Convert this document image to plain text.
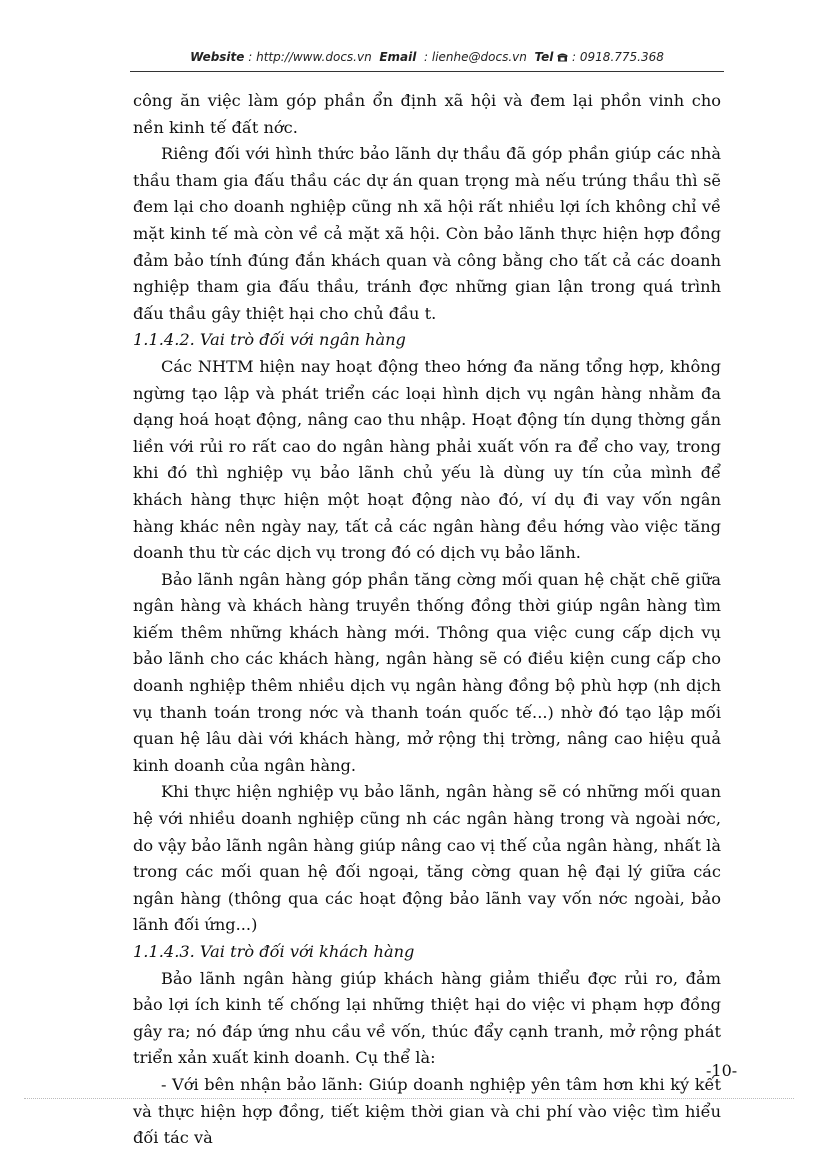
Website : http://www.docs.vn Email : lienhe@docs.vn Tel : 0918.775.368

công ăn việc làm góp phần ổn định xã hội và đem lại phồn vinh cho nền kinh tế đất nớc.

Riêng đối với hình thức bảo lãnh dự thầu đã góp phần giúp các nhà thầu tham gia đấu thầu các dự án quan trọng mà nếu trúng thầu thì sẽ đem lại cho doanh nghiệp cũng nh xã hội rất nhiều lợi ích không chỉ về mặt kinh tế mà còn về cả mặt xã hội. Còn bảo lãnh thực hiện hợp đồng đảm bảo tính đúng đắn khách quan và công bằng cho tất cả các doanh nghiệp tham gia đấu thầu, tránh đợc những gian lận trong quá trình đấu thầu gây thiệt hại cho chủ đầu t.

1.1.4.2. Vai trò đối với ngân hàng

Các NHTM hiện nay hoạt động theo hớng đa năng tổng hợp, không ngừng tạo lập và phát triển các loại hình dịch vụ ngân hàng nhằm đa dạng hoá hoạt động, nâng cao thu nhập. Hoạt động tín dụng thờng gắn liền với rủi ro rất cao do ngân hàng phải xuất vốn ra để cho vay, trong khi đó thì nghiệp vụ bảo lãnh chủ yếu là dùng uy tín của mình để khách hàng thực hiện một hoạt động nào đó, ví dụ đi vay vốn ngân hàng khác nên ngày nay, tất cả các ngân hàng đều hớng vào việc tăng doanh thu từ các dịch vụ trong đó có dịch vụ bảo lãnh.

Bảo lãnh ngân hàng góp phần tăng cờng mối quan hệ chặt chẽ giữa ngân hàng và khách hàng truyền thống đồng thời giúp ngân hàng tìm kiếm thêm những khách hàng mới. Thông qua việc cung cấp dịch vụ bảo lãnh cho các khách hàng, ngân hàng sẽ có điều kiện cung cấp cho doanh nghiệp thêm nhiều dịch vụ ngân hàng đồng bộ phù hợp (nh dịch vụ thanh toán trong nớc và thanh toán quốc tế...) nhờ đó tạo lập mối quan hệ lâu dài với khách hàng, mở rộng thị trờng, nâng cao hiệu quả kinh doanh của ngân hàng.

Khi thực hiện nghiệp vụ bảo lãnh, ngân hàng sẽ có những mối quan hệ với nhiều doanh nghiệp cũng nh các ngân hàng trong và ngoài nớc, do vậy bảo lãnh ngân hàng giúp nâng cao vị thế của ngân hàng, nhất là trong các mối quan hệ đối ngoại, tăng cờng quan hệ đại lý giữa các ngân hàng (thông qua các hoạt động bảo lãnh vay vốn nớc ngoài, bảo lãnh đối ứng...)

1.1.4.3. Vai trò đối với khách hàng

Bảo lãnh ngân hàng giúp khách hàng giảm thiểu đợc rủi ro, đảm bảo lợi ích kinh tế chống lại những thiệt hại do việc vi phạm hợp đồng gây ra; nó đáp ứng nhu cầu về vốn, thúc đẩy cạnh tranh, mở rộng phát triển xản xuất kinh doanh. Cụ thể là:

- Với bên nhận bảo lãnh: Giúp doanh nghiệp yên tâm hơn khi ký kết và thực hiện hợp đồng, tiết kiệm thời gian và chi phí vào việc tìm hiểu đối tác và

-10-
